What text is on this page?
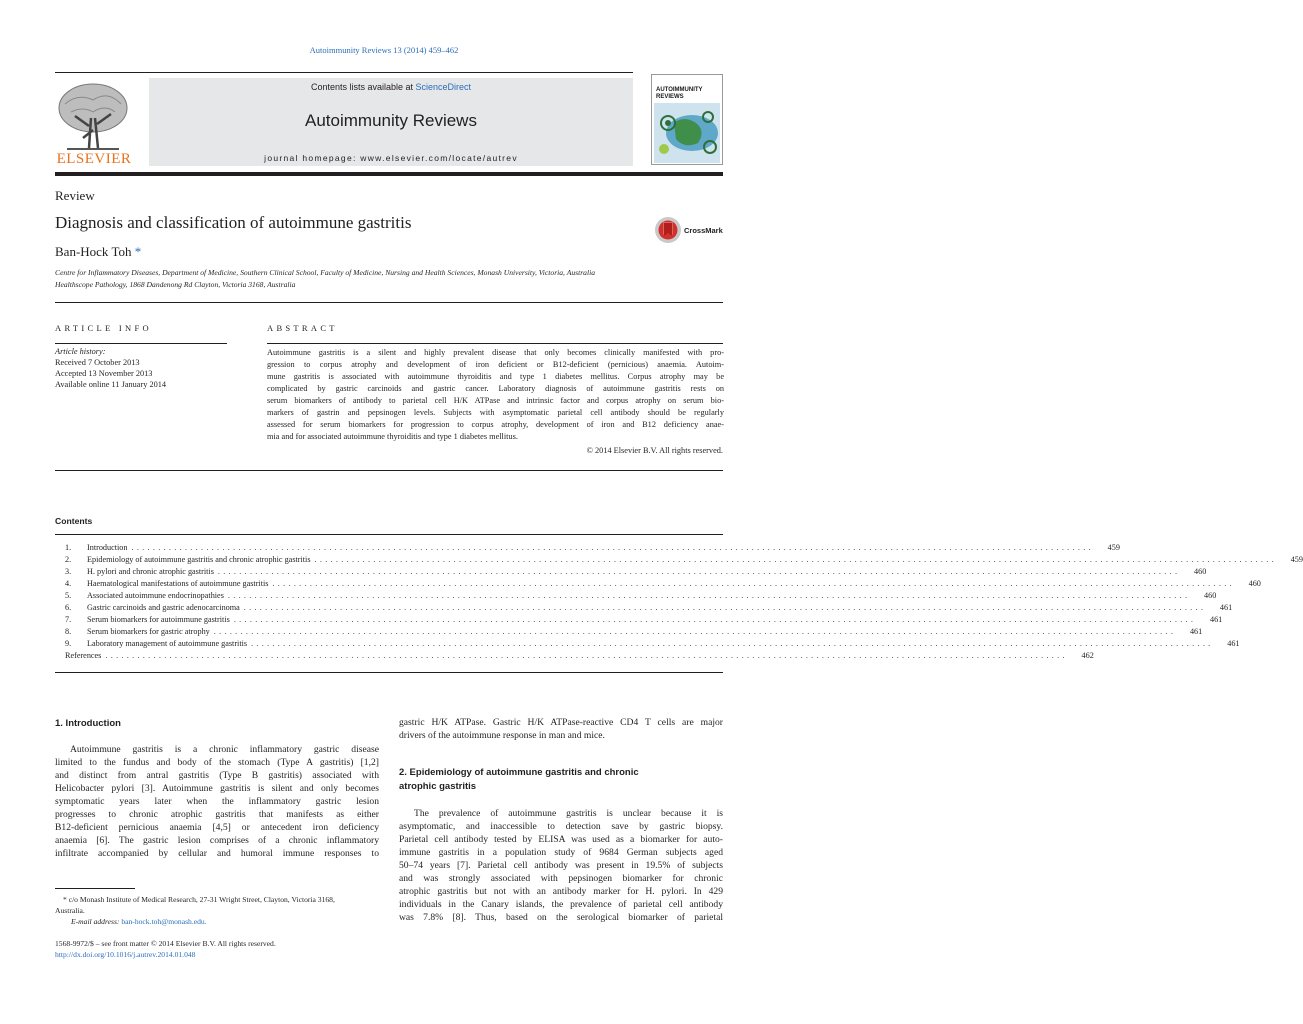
Autoimmunity Reviews 13 (2014) 459–462
ELSEVIER
Contents lists available at ScienceDirect
Autoimmunity Reviews
journal homepage: www.elsevier.com/locate/autrev
AUTOIMMUNITY REVIEWS
Review
Diagnosis and classification of autoimmune gastritis	CrossMark
Ban-Hock Toh *
Centre for Inflammatory Diseases, Department of Medicine, Southern Clinical School, Faculty of Medicine, Nursing and Health Sciences, Monash University, Victoria, Australia
Healthscope Pathology, 1868 Dandenong Rd Clayton, Victoria 3168, Australia
ARTICLE INFO
Article history:
Received 7 October 2013
Accepted 13 November 2013
Available online 11 January 2014
ABSTRACT
Autoimmune gastritis is a silent and highly prevalent disease that only becomes clinically manifested with pro-
gression to corpus atrophy and development of iron deficient or B12-deficient (pernicious) anaemia. Autoim-
mune gastritis is associated with autoimmune thyroiditis and type 1 diabetes mellitus. Corpus atrophy may be
complicated by gastric carcinoids and gastric cancer. Laboratory diagnosis of autoimmune gastritis rests on
serum biomarkers of antibody to parietal cell H/K ATPase and intrinsic factor and corpus atrophy on serum bio-
markers of gastrin and pepsinogen levels. Subjects with asymptomatic parietal cell antibody should be regularly
assessed for serum biomarkers for progression to corpus atrophy, development of iron and B12 deficiency anae-
mia and for associated autoimmune thyroiditis and type 1 diabetes mellitus.
© 2014 Elsevier B.V. All rights reserved.
Contents
1.	Introduction ....................................................................................................................................................................................	459
2.	Epidemiology of autoimmune gastritis and chronic atrophic gastritis ....................................................................................................................................................................................	459
3.	H. pylori and chronic atrophic gastritis ....................................................................................................................................................................................	460
4.	Haematological manifestations of autoimmune gastritis ....................................................................................................................................................................................	460
5.	Associated autoimmune endocrinopathies ....................................................................................................................................................................................	460
6.	Gastric carcinoids and gastric adenocarcinoma ....................................................................................................................................................................................	461
7.	Serum biomarkers for autoimmune gastritis ....................................................................................................................................................................................	461
8.	Serum biomarkers for gastric atrophy ....................................................................................................................................................................................	461
9.	Laboratory management of autoimmune gastritis ....................................................................................................................................................................................	461
References ....................................................................................................................................................................................	462
1. Introduction
Autoimmune gastritis is a chronic inflammatory gastric disease
limited to the fundus and body of the stomach (Type A gastritis) [1,2]
and distinct from antral gastritis (Type B gastritis) associated with
Helicobacter pylori [3]. Autoimmune gastritis is silent and only becomes
symptomatic years later when the inflammatory gastric lesion
progresses to chronic atrophic gastritis that manifests as either
B12-deficient pernicious anaemia [4,5] or antecedent iron deficiency
anaemia [6]. The gastric lesion comprises of a chronic inflammatory
infiltrate accompanied by cellular and humoral immune responses to
* c/o Monash Institute of Medical Research, 27-31 Wright Street, Clayton, Victoria 3168,
Australia.
E-mail address: ban-hock.toh@monash.edu.
1568-9972/$ – see front matter © 2014 Elsevier B.V. All rights reserved.
http://dx.doi.org/10.1016/j.autrev.2014.01.048
gastric H/K ATPase. Gastric H/K ATPase-reactive CD4 T cells are major
drivers of the autoimmune response in man and mice.
2. Epidemiology of autoimmune gastritis and chronic
atrophic gastritis
The prevalence of autoimmune gastritis is unclear because it is
asymptomatic, and inaccessible to detection save by gastric biopsy.
Parietal cell antibody tested by ELISA was used as a biomarker for auto-
immune gastritis in a population study of 9684 German subjects aged
50–74 years [7]. Parietal cell antibody was present in 19.5% of subjects
and was strongly associated with pepsinogen biomarker for chronic
atrophic gastritis but not with an antibody marker for H. pylori. In 429
individuals in the Canary islands, the prevalence of parietal cell antibody
was 7.8% [8]. Thus, based on the serological biomarker of parietal
